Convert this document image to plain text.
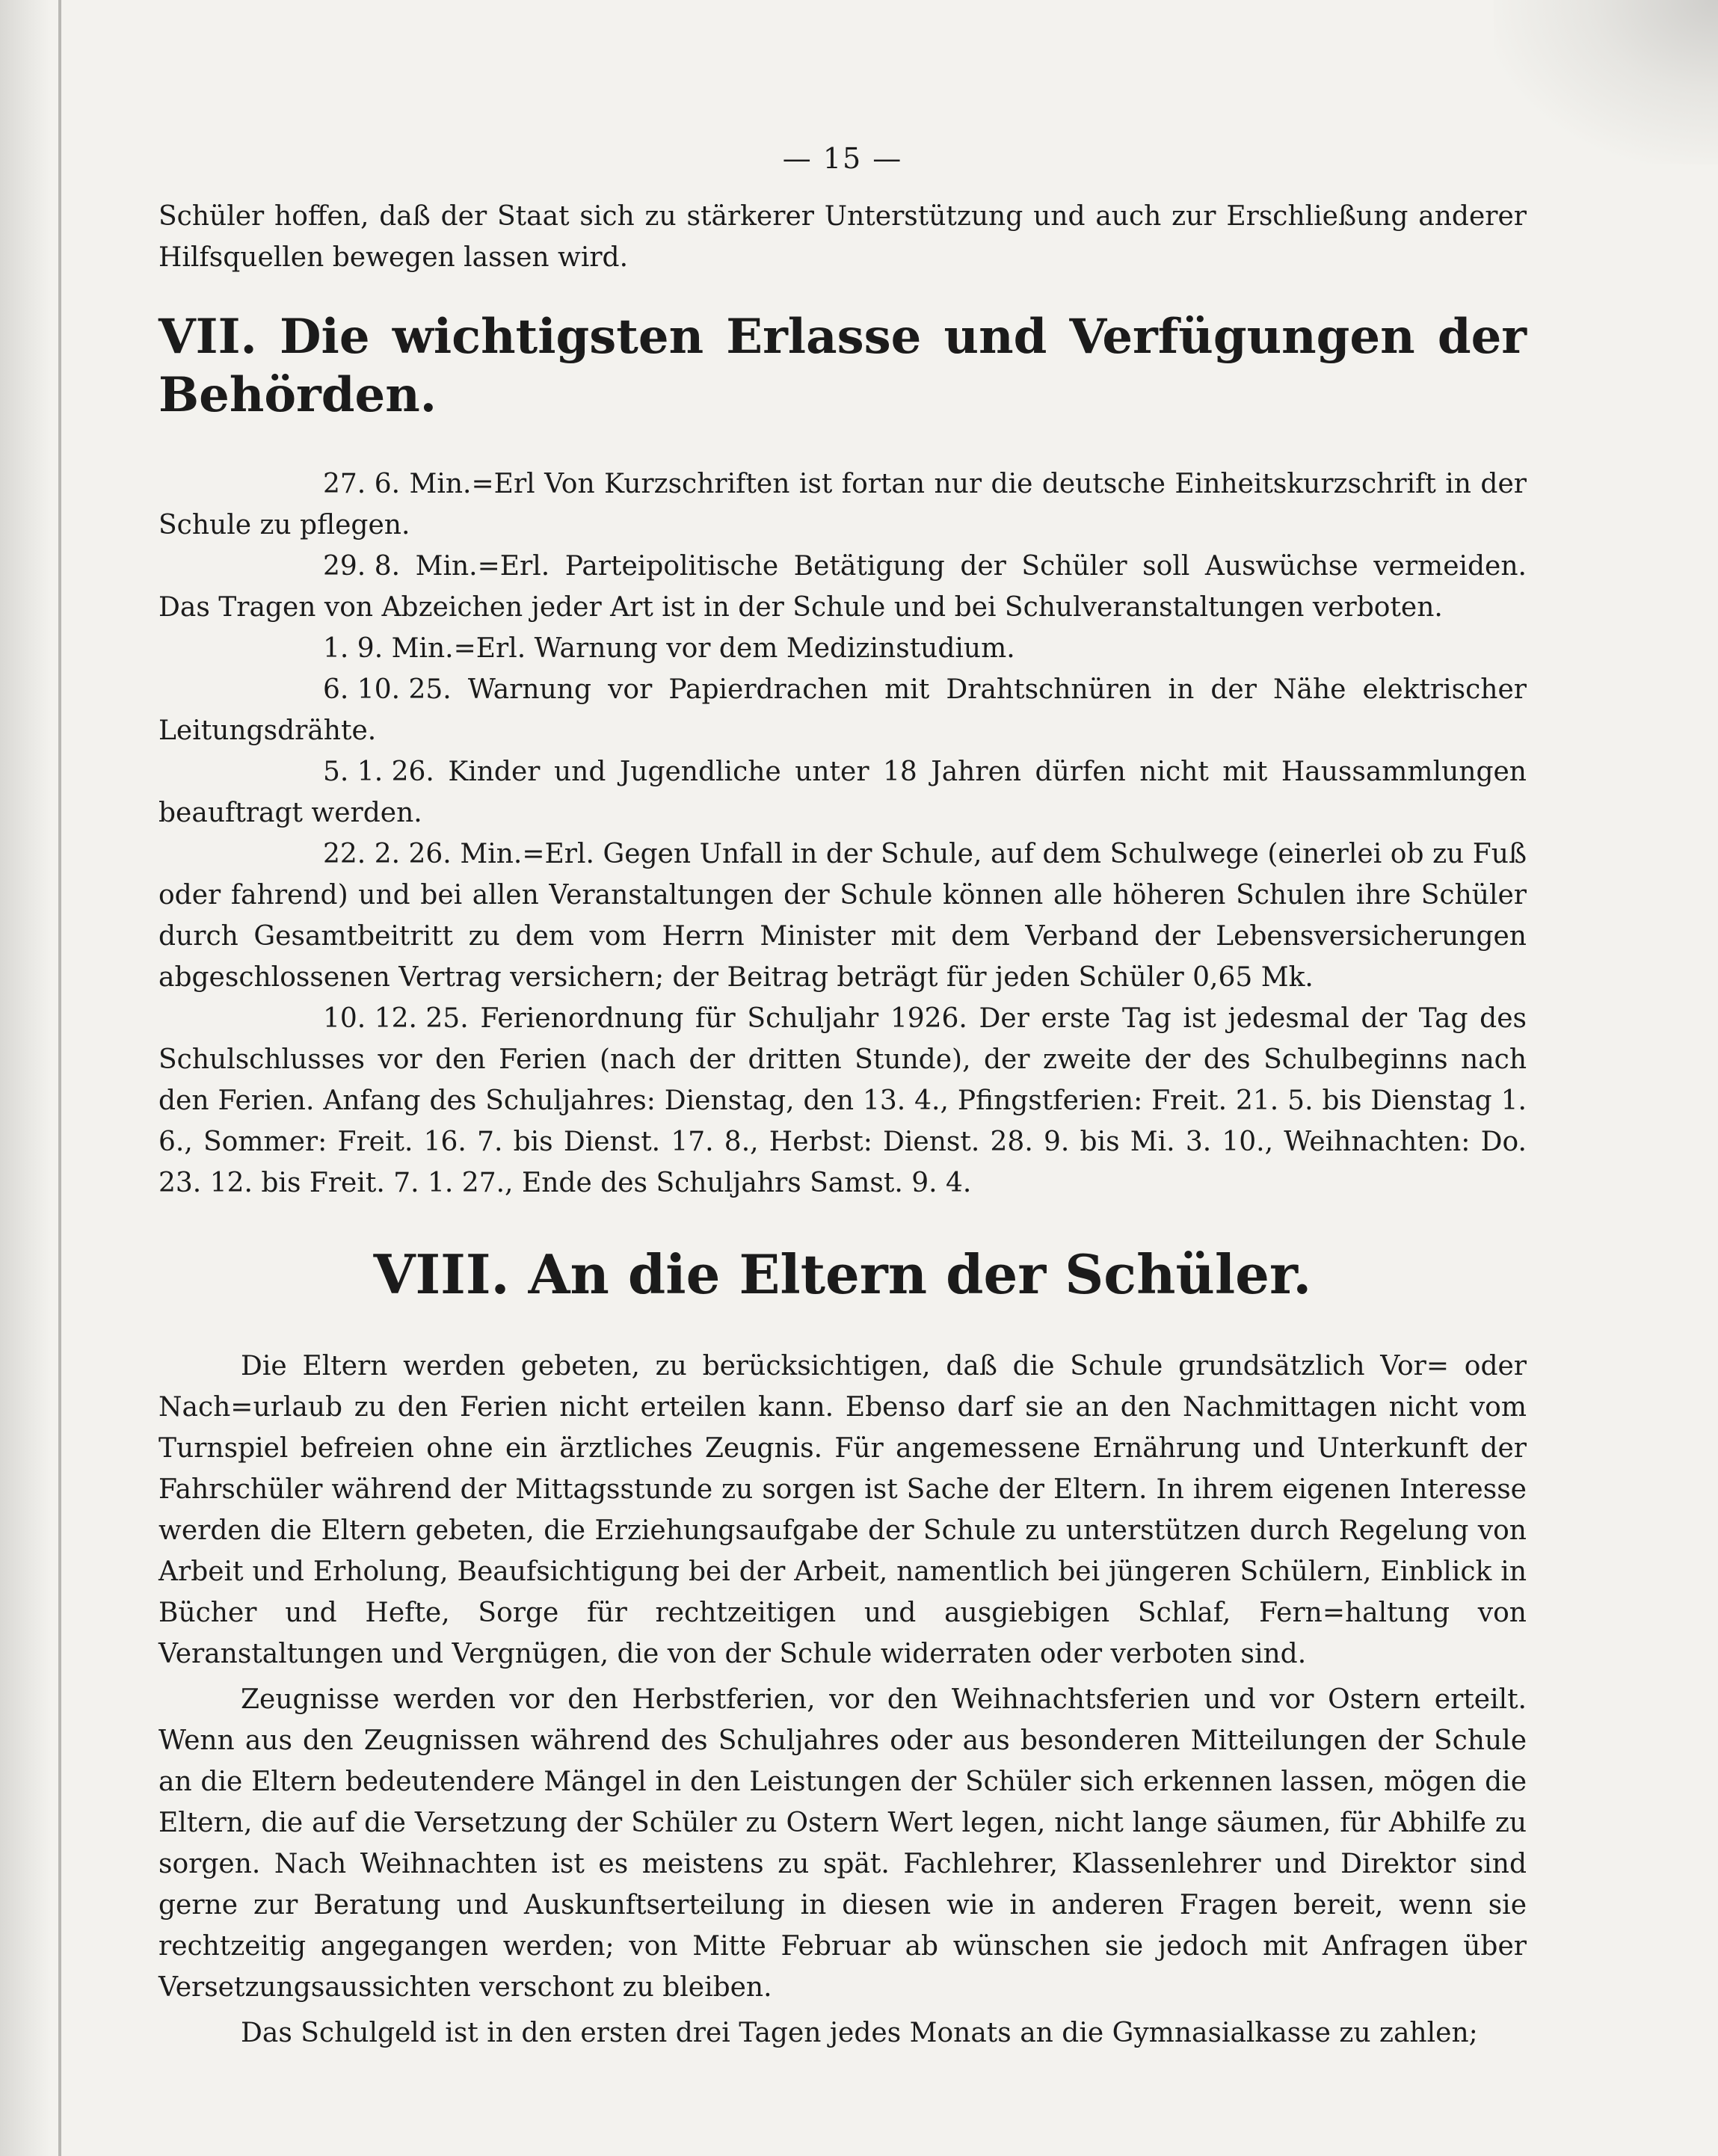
— 15 —

Schüler hoffen, daß der Staat sich zu stärkerer Unterstützung und auch zur Erschließung anderer Hilfsquellen bewegen lassen wird.

VII. Die wichtigsten Erlasse und Verfügungen der Behörden.

27. 6. Min.=Erl Von Kurzschriften ist fortan nur die deutsche Einheitskurzschrift in der Schule zu pflegen.

29. 8. Min.=Erl. Parteipolitische Betätigung der Schüler soll Auswüchse vermeiden. Das Tragen von Abzeichen jeder Art ist in der Schule und bei Schulveranstaltungen verboten.

1. 9. Min.=Erl. Warnung vor dem Medizinstudium.

6. 10. 25. Warnung vor Papierdrachen mit Drahtschnüren in der Nähe elektrischer Leitungsdrähte.

5. 1. 26. Kinder und Jugendliche unter 18 Jahren dürfen nicht mit Haussammlungen beauftragt werden.

22. 2. 26. Min.=Erl. Gegen Unfall in der Schule, auf dem Schulwege (einerlei ob zu Fuß oder fahrend) und bei allen Veranstaltungen der Schule können alle höheren Schulen ihre Schüler durch Gesamtbeitritt zu dem vom Herrn Minister mit dem Verband der Lebensversicherungen abgeschlossenen Vertrag versichern; der Beitrag beträgt für jeden Schüler 0,65 Mk.

10. 12. 25. Ferienordnung für Schuljahr 1926. Der erste Tag ist jedesmal der Tag des Schulschlusses vor den Ferien (nach der dritten Stunde), der zweite der des Schulbeginns nach den Ferien. Anfang des Schuljahres: Dienstag, den 13. 4., Pfingstferien: Freit. 21. 5. bis Dienstag 1. 6., Sommer: Freit. 16. 7. bis Dienst. 17. 8., Herbst: Dienst. 28. 9. bis Mi. 3. 10., Weihnachten: Do. 23. 12. bis Freit. 7. 1. 27., Ende des Schuljahrs Samst. 9. 4.

VIII. An die Eltern der Schüler.

Die Eltern werden gebeten, zu berücksichtigen, daß die Schule grundsätzlich Vor= oder Nach=urlaub zu den Ferien nicht erteilen kann. Ebenso darf sie an den Nachmittagen nicht vom Turnspiel befreien ohne ein ärztliches Zeugnis. Für angemessene Ernährung und Unterkunft der Fahrschüler während der Mittagsstunde zu sorgen ist Sache der Eltern. In ihrem eigenen Interesse werden die Eltern gebeten, die Erziehungsaufgabe der Schule zu unterstützen durch Regelung von Arbeit und Erholung, Beaufsichtigung bei der Arbeit, namentlich bei jüngeren Schülern, Einblick in Bücher und Hefte, Sorge für rechtzeitigen und ausgiebigen Schlaf, Fern=haltung von Veranstaltungen und Vergnügen, die von der Schule widerraten oder verboten sind.

Zeugnisse werden vor den Herbstferien, vor den Weihnachtsferien und vor Ostern erteilt. Wenn aus den Zeugnissen während des Schuljahres oder aus besonderen Mitteilungen der Schule an die Eltern bedeutendere Mängel in den Leistungen der Schüler sich erkennen lassen, mögen die Eltern, die auf die Versetzung der Schüler zu Ostern Wert legen, nicht lange säumen, für Abhilfe zu sorgen. Nach Weihnachten ist es meistens zu spät. Fachlehrer, Klassenlehrer und Direktor sind gerne zur Beratung und Auskunftserteilung in diesen wie in anderen Fragen bereit, wenn sie rechtzeitig angegangen werden; von Mitte Februar ab wünschen sie jedoch mit Anfragen über Versetzungsaussichten verschont zu bleiben.

Das Schulgeld ist in den ersten drei Tagen jedes Monats an die Gymnasialkasse zu zahlen;
